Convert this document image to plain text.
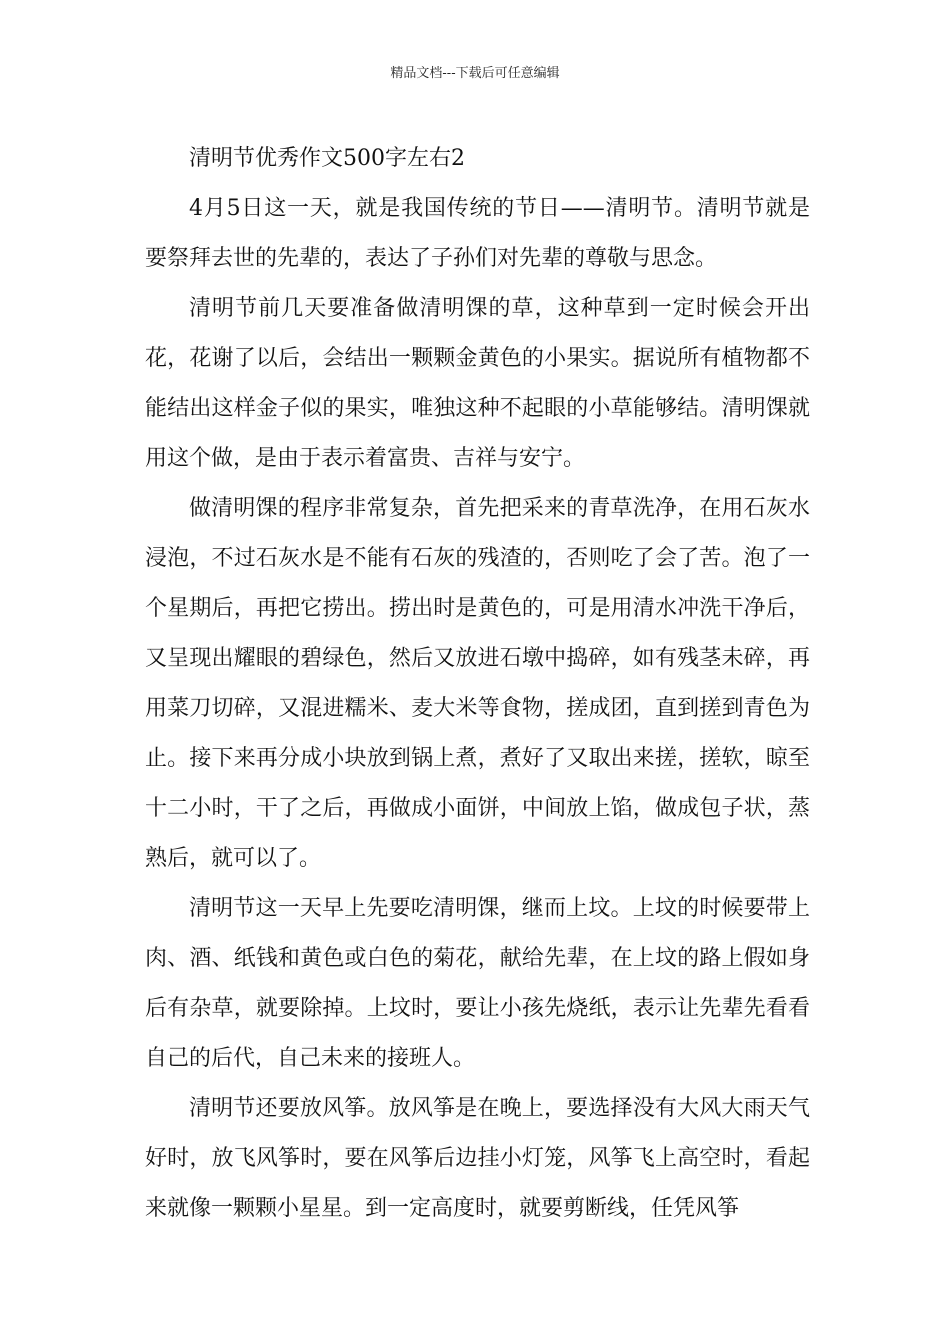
精品文档---下载后可任意编辑

清明节优秀作文500字左右2

4月5日这一天，就是我国传统的节日——清明节。清明节就是要祭拜去世的先辈的，表达了子孙们对先辈的尊敬与思念。

清明节前几天要准备做清明馃的草，这种草到一定时候会开出花，花谢了以后，会结出一颗颗金黄色的小果实。据说所有植物都不能结出这样金子似的果实，唯独这种不起眼的小草能够结。清明馃就用这个做，是由于表示着富贵、吉祥与安宁。

做清明馃的程序非常复杂，首先把采来的青草洗净，在用石灰水浸泡，不过石灰水是不能有石灰的残渣的，否则吃了会了苦。泡了一个星期后，再把它捞出。捞出时是黄色的，可是用清水冲洗干净后，又呈现出耀眼的碧绿色，然后又放进石墩中捣碎，如有残茎未碎，再用菜刀切碎，又混进糯米、麦大米等食物，搓成团，直到搓到青色为止。接下来再分成小块放到锅上煮，煮好了又取出来搓，搓软，晾至十二小时，干了之后，再做成小面饼，中间放上馅，做成包子状，蒸熟后，就可以了。

清明节这一天早上先要吃清明馃，继而上坟。上坟的时候要带上肉、酒、纸钱和黄色或白色的菊花，献给先辈，在上坟的路上假如身后有杂草，就要除掉。上坟时，要让小孩先烧纸，表示让先辈先看看自己的后代，自己未来的接班人。

清明节还要放风筝。放风筝是在晚上，要选择没有大风大雨天气好时，放飞风筝时，要在风筝后边挂小灯笼，风筝飞上高空时，看起来就像一颗颗小星星。到一定高度时，就要剪断线，任凭风筝
